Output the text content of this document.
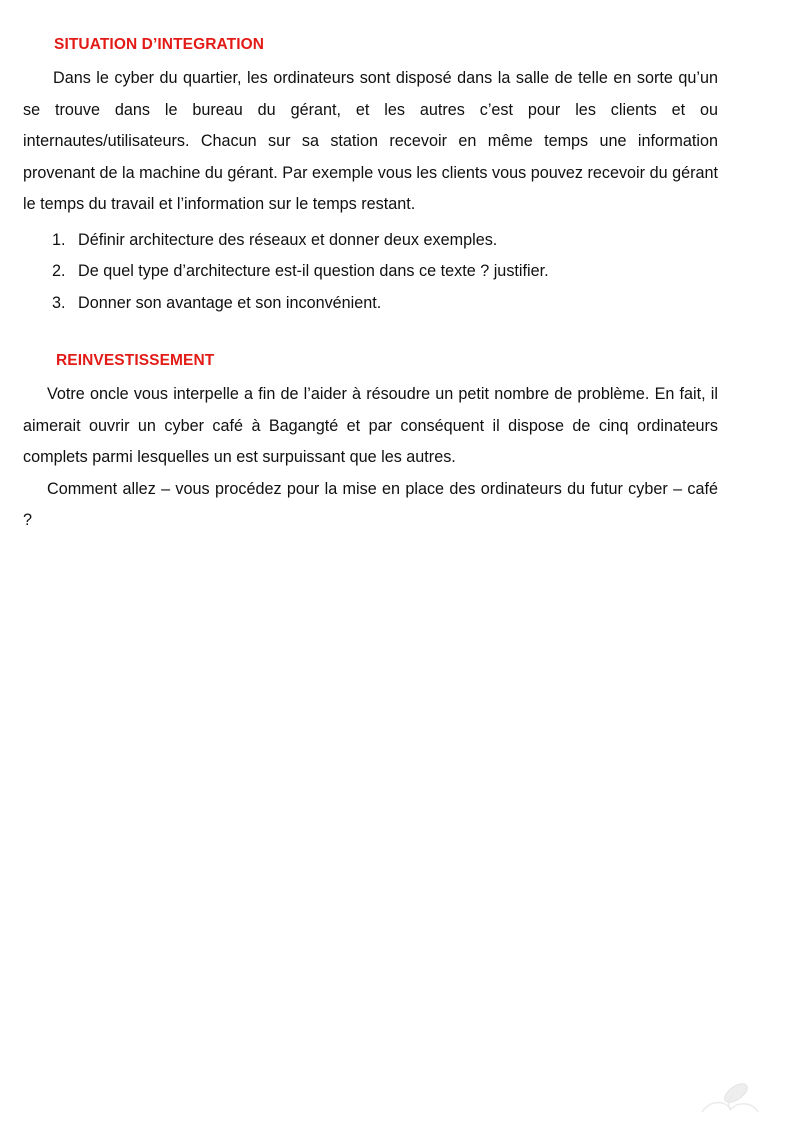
SITUATION D’INTEGRATION

Dans le cyber du quartier, les ordinateurs sont disposé dans la salle de telle en sorte qu’un se trouve dans le bureau du gérant, et les autres c’est pour les clients et ou internautes/utilisateurs. Chacun sur sa station recevoir en même temps une information provenant de la machine du gérant. Par exemple vous les clients vous pouvez recevoir du gérant le temps du travail et l’information sur le temps restant.

1. Définir architecture des réseaux et donner deux exemples.
2. De quel type d’architecture est-il question dans ce texte ? justifier.
3. Donner son avantage et son inconvénient.
REINVESTISSEMENT

Votre oncle vous interpelle a fin de l’aider à résoudre un petit nombre de problème. En fait, il aimerait ouvrir un cyber café à Bagangté et par conséquent il dispose de cinq ordinateurs complets parmi lesquelles un est surpuissant que les autres.

Comment allez – vous procédez pour la mise en place des ordinateurs du futur cyber – café ?
